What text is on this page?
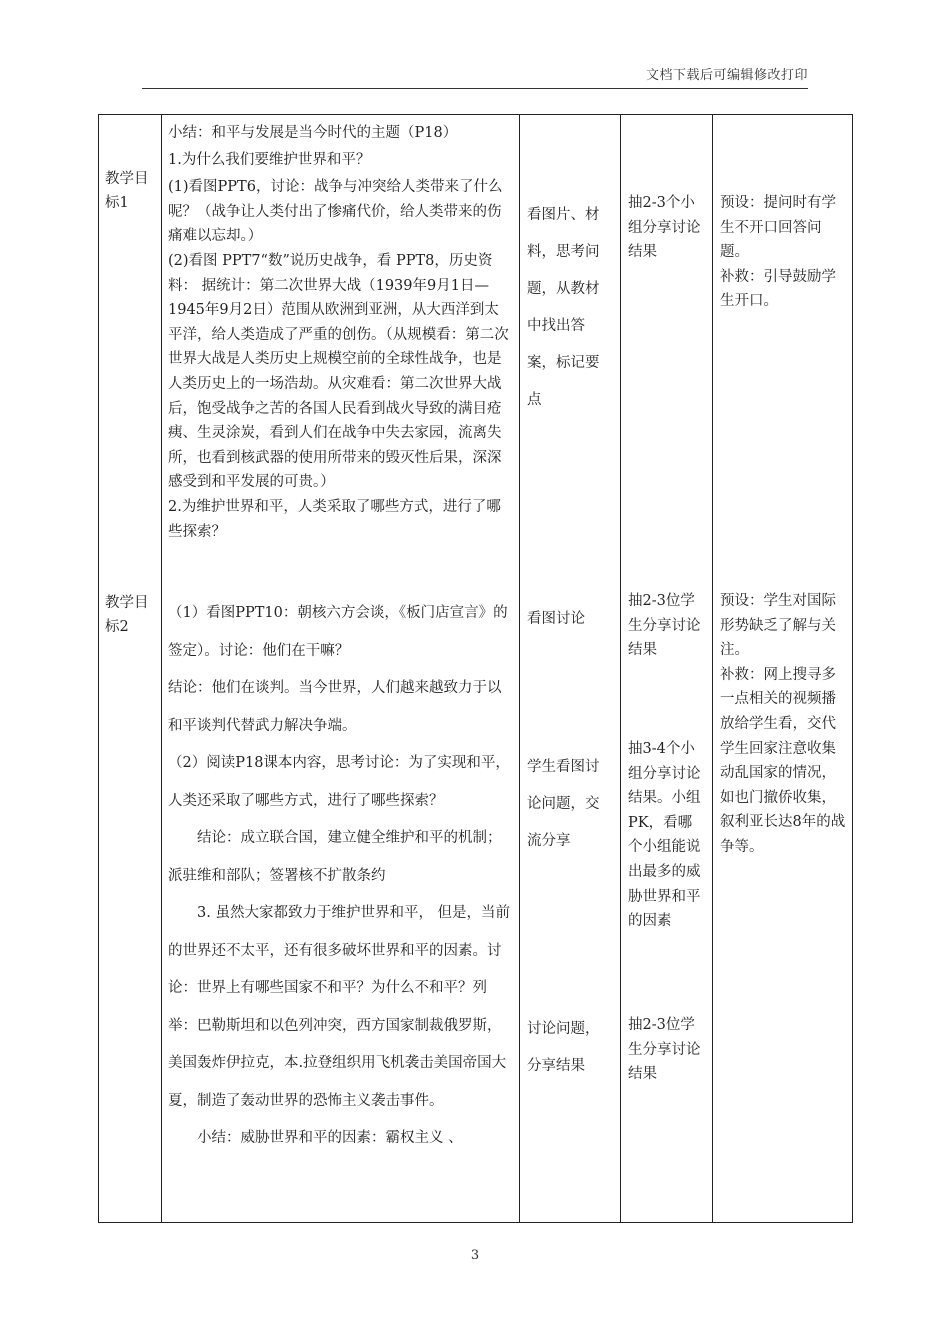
文档下载后可编辑修改打印
教学目标1
教学目标2

小结：和平与发展是当今时代的主题（P18）

1.为什么我们要维护世界和平？

(1)看图PPT6，讨论：战争与冲突给人类带来了什么呢？（战争让人类付出了惨痛代价，给人类带来的伤痛难以忘却。）

(2)看图 PPT7“数”说历史战争，看 PPT8，历史资料： 据统计：第二次世界大战（1939年9月1日—1945年9月2日）范围从欧洲到亚洲，从大西洋到太平洋，给人类造成了严重的创伤。（从规模看：第二次世界大战是人类历史上规模空前的全球性战争，也是人类历史上的一场浩劫。从灾难看：第二次世界大战后，饱受战争之苦的各国人民看到战火导致的满目疮痍、生灵涂炭，看到人们在战争中失去家园，流离失所，也看到核武器的使用所带来的毁灭性后果，深深感受到和平发展的可贵。）

2.为维护世界和平，人类采取了哪些方式，进行了哪些探索？

（1）看图PPT10：朝核六方会谈，《板门店宣言》的签定）。讨论：他们在干嘛？

结论：他们在谈判。当今世界，人们越来越致力于以和平谈判代替武力解决争端。

（2）阅读P18课本内容，思考讨论：为了实现和平，人类还采取了哪些方式，进行了哪些探索？

结论：成立联合国，建立健全维护和平的机制；派驻维和部队；签署核不扩散条约

3. 虽然大家都致力于维护世界和平， 但是，当前的世界还不太平，还有很多破坏世界和平的因素。讨论：世界上有哪些国家不和平？为什么不和平？列举：巴勒斯坦和以色列冲突，西方国家制裁俄罗斯，美国轰炸伊拉克，本.拉登组织用飞机袭击美国帝国大夏，制造了轰动世界的恐怖主义袭击事件。

小结：威胁世界和平的因素：霸权主义 、

看图片、材料，思考问题，从教材中找出答案，标记要点
看图讨论
学生看图讨论问题，交流分享
讨论问题，分享结果
抽2-3个小组分享讨论结果
抽2-3位学生分享讨论结果
抽3-4个小组分享讨论结果。小组PK，看哪个小组能说出最多的威胁世界和平的因素
抽2-3位学生分享讨论结果

预设：提问时有学生不开口回答问题。

补救：引导鼓励学生开口。

预设：学生对国际形势缺乏了解与关注。

补救：网上搜寻多一点相关的视频播放给学生看，交代学生回家注意收集动乱国家的情况，如也门撤侨收集，叙利亚长达8年的战争等。

3
